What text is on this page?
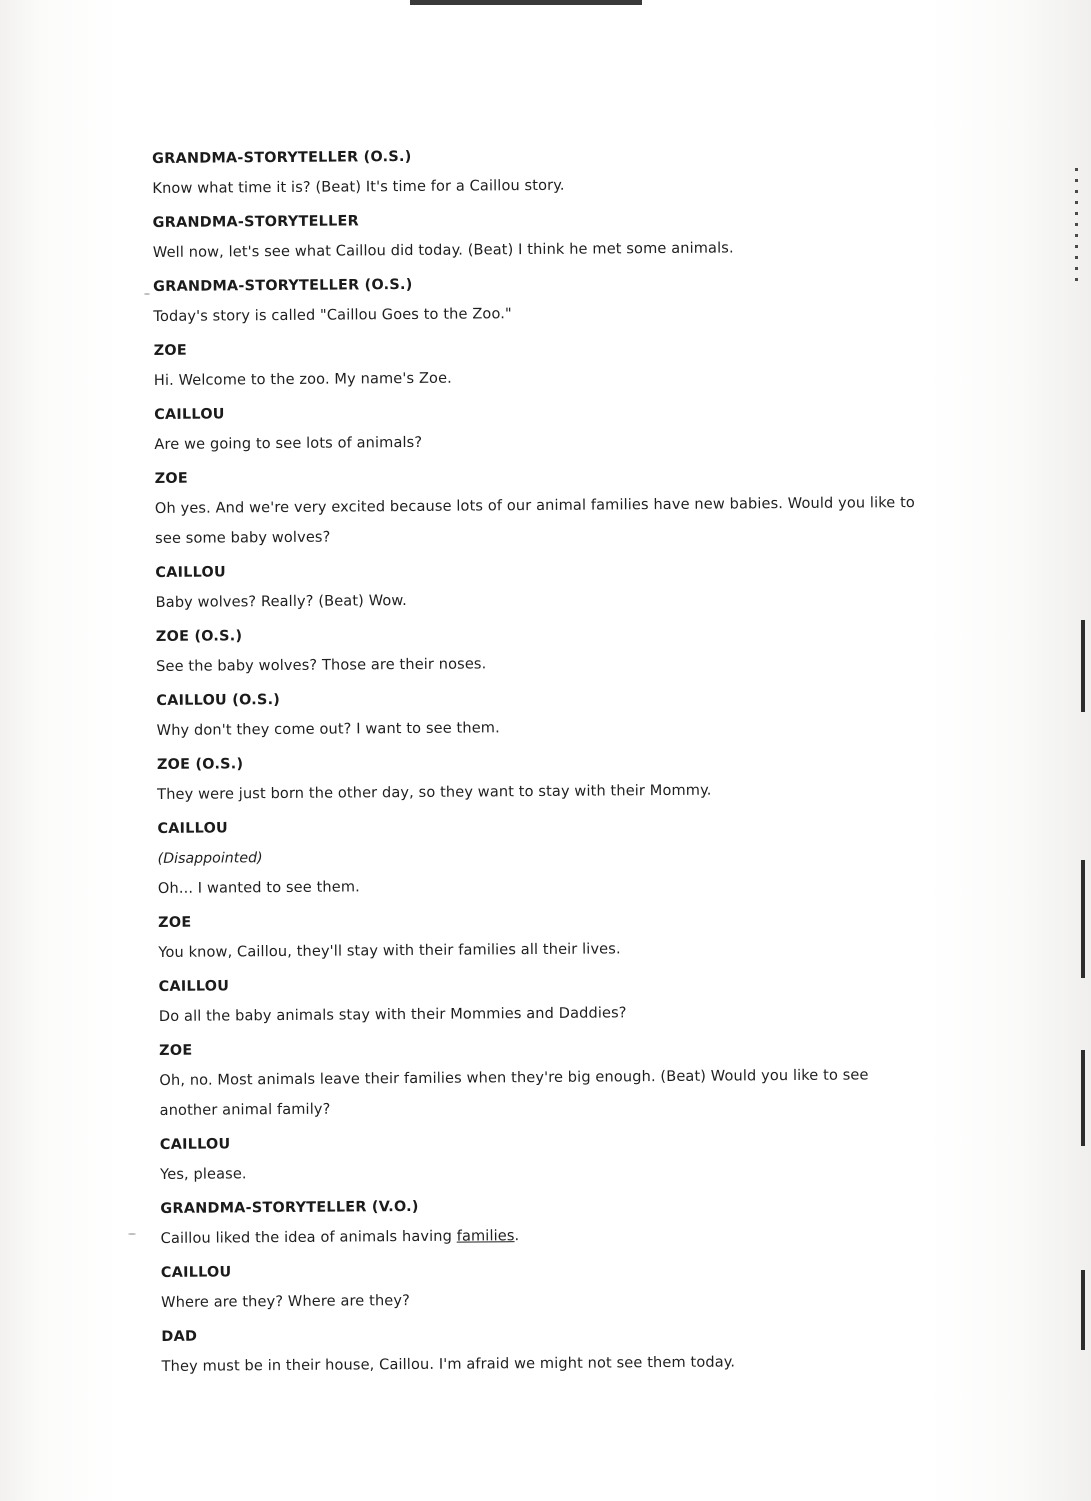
GRANDMA-STORYTELLER (O.S.)

Know what time it is? (Beat) It's time for a Caillou story.

GRANDMA-STORYTELLER

Well now, let's see what Caillou did today. (Beat) I think he met some animals.

GRANDMA-STORYTELLER (O.S.)

Today's story is called "Caillou Goes to the Zoo."

ZOE

Hi. Welcome to the zoo. My name's Zoe.

CAILLOU

Are we going to see lots of animals?

ZOE

Oh yes. And we're very excited because lots of our animal families have new babies. Would you like to see some baby wolves?

CAILLOU

Baby wolves? Really? (Beat) Wow.

ZOE (O.S.)

See the baby wolves? Those are their noses.

CAILLOU (O.S.)

Why don't they come out? I want to see them.

ZOE (O.S.)

They were just born the other day, so they want to stay with their Mommy.

CAILLOU

(Disappointed)

Oh... I wanted to see them.

ZOE

You know, Caillou, they'll stay with their families all their lives.

CAILLOU

Do all the baby animals stay with their Mommies and Daddies?

ZOE

Oh, no. Most animals leave their families when they're big enough. (Beat) Would you like to see another animal family?

CAILLOU

Yes, please.

GRANDMA-STORYTELLER (V.O.)

Caillou liked the idea of animals having families.

CAILLOU

Where are they? Where are they?

DAD

They must be in their house, Caillou. I'm afraid we might not see them today.
